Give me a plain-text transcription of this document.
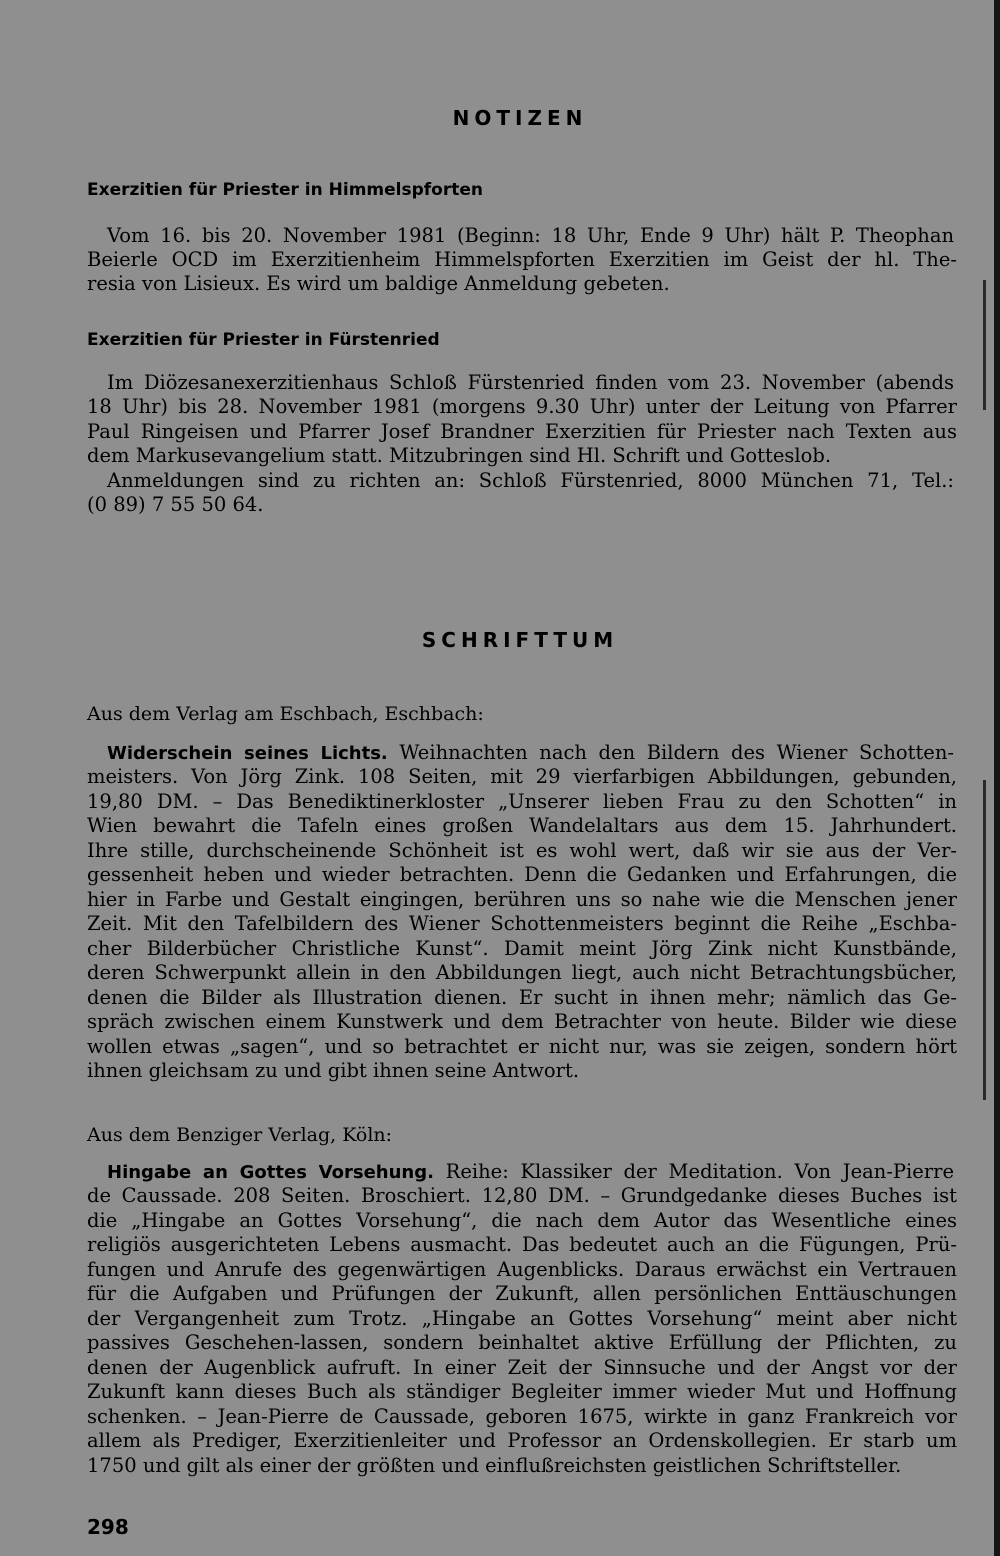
NOTIZEN
Exerzitien für Priester in Himmelspforten
Vom 16. bis 20. November 1981 (Beginn: 18 Uhr, Ende 9 Uhr) hält P. Theophan
Beierle OCD im Exerzitienheim Himmelspforten Exerzitien im Geist der hl. The-
resia von Lisieux. Es wird um baldige Anmeldung gebeten.
Exerzitien für Priester in Fürstenried
Im Diözesanexerzitienhaus Schloß Fürstenried finden vom 23. November (abends
18 Uhr) bis 28. November 1981 (morgens 9.30 Uhr) unter der Leitung von Pfarrer
Paul Ringeisen und Pfarrer Josef Brandner Exerzitien für Priester nach Texten aus
dem Markusevangelium statt. Mitzubringen sind Hl. Schrift und Gotteslob.
Anmeldungen sind zu richten an: Schloß Fürstenried, 8000 München 71, Tel.:
(0 89) 7 55 50 64.
SCHRIFTTUM
Aus dem Verlag am Eschbach, Eschbach:
Widerschein seines Lichts. Weihnachten nach den Bildern des Wiener Schotten-
meisters. Von Jörg Zink. 108 Seiten, mit 29 vierfarbigen Abbildungen, gebunden,
19,80 DM. – Das Benediktinerkloster „Unserer lieben Frau zu den Schotten“ in
Wien bewahrt die Tafeln eines großen Wandelaltars aus dem 15. Jahrhundert.
Ihre stille, durchscheinende Schönheit ist es wohl wert, daß wir sie aus der Ver-
gessenheit heben und wieder betrachten. Denn die Gedanken und Erfahrungen, die
hier in Farbe und Gestalt eingingen, berühren uns so nahe wie die Menschen jener
Zeit. Mit den Tafelbildern des Wiener Schottenmeisters beginnt die Reihe „Eschba-
cher Bilderbücher Christliche Kunst“. Damit meint Jörg Zink nicht Kunstbände,
deren Schwerpunkt allein in den Abbildungen liegt, auch nicht Betrachtungsbücher,
denen die Bilder als Illustration dienen. Er sucht in ihnen mehr; nämlich das Ge-
spräch zwischen einem Kunstwerk und dem Betrachter von heute. Bilder wie diese
wollen etwas „sagen“, und so betrachtet er nicht nur, was sie zeigen, sondern hört
ihnen gleichsam zu und gibt ihnen seine Antwort.
Aus dem Benziger Verlag, Köln:
Hingabe an Gottes Vorsehung. Reihe: Klassiker der Meditation. Von Jean-Pierre
de Caussade. 208 Seiten. Broschiert. 12,80 DM. – Grundgedanke dieses Buches ist
die „Hingabe an Gottes Vorsehung“, die nach dem Autor das Wesentliche eines
religiös ausgerichteten Lebens ausmacht. Das bedeutet auch an die Fügungen, Prü-
fungen und Anrufe des gegenwärtigen Augenblicks. Daraus erwächst ein Vertrauen
für die Aufgaben und Prüfungen der Zukunft, allen persönlichen Enttäuschungen
der Vergangenheit zum Trotz. „Hingabe an Gottes Vorsehung“ meint aber nicht
passives Geschehen-lassen, sondern beinhaltet aktive Erfüllung der Pflichten, zu
denen der Augenblick aufruft. In einer Zeit der Sinnsuche und der Angst vor der
Zukunft kann dieses Buch als ständiger Begleiter immer wieder Mut und Hoffnung
schenken. – Jean-Pierre de Caussade, geboren 1675, wirkte in ganz Frankreich vor
allem als Prediger, Exerzitienleiter und Professor an Ordenskollegien. Er starb um
1750 und gilt als einer der größten und einflußreichsten geistlichen Schriftsteller.
298
